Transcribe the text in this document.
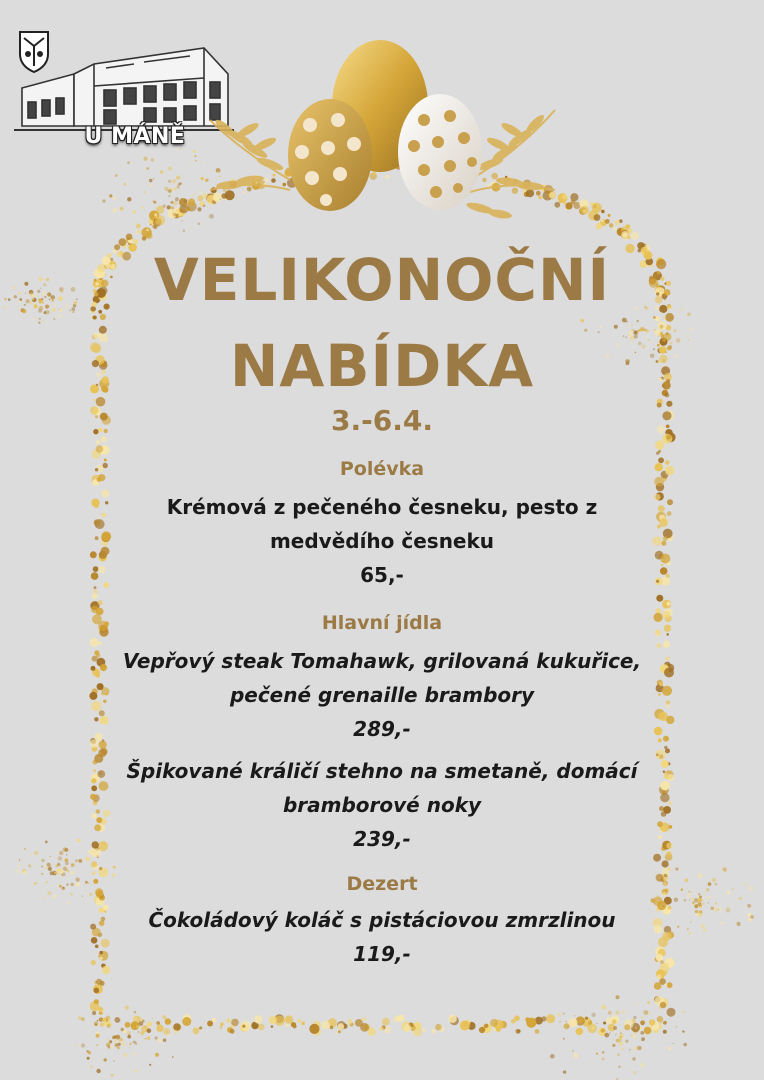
U MÁNĚ
VELIKONOČNÍ
NABÍDKA
3.-6.4.
Polévka
Krémová z pečeného česneku, pesto z
medvědího česneku
65,-
Hlavní jídla
Vepřový steak Tomahawk, grilovaná kukuřice,
pečené grenaille brambory
289,-
Špikované králičí stehno na smetaně, domácí
bramborové noky
239,-
Dezert
Čokoládový koláč s pistáciovou zmrzlinou
119,-
